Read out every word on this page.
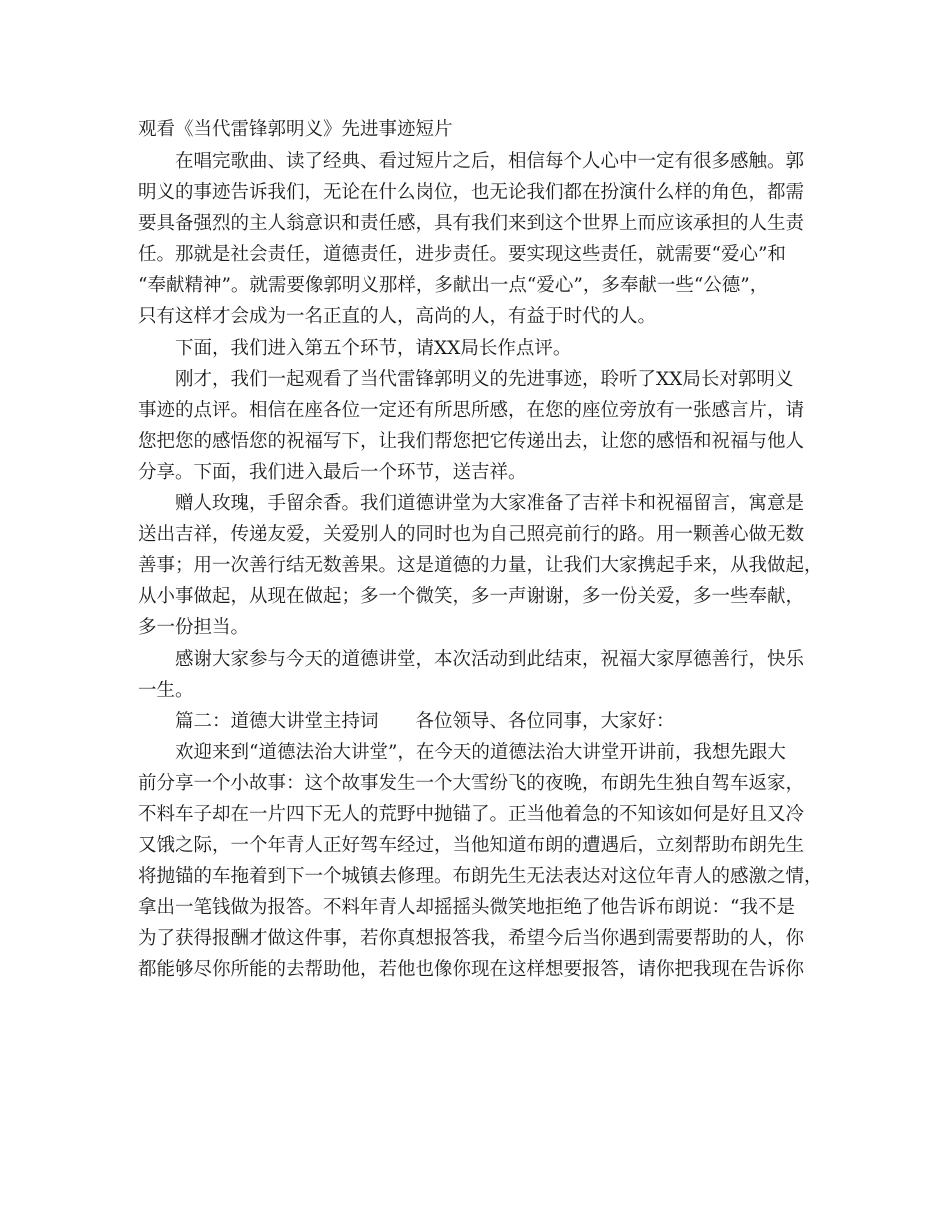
观看《当代雷锋郭明义》先进事迹短片

在唱完歌曲、读了经典、看过短片之后，相信每个人心中一定有很多感触。郭

明义的事迹告诉我们，无论在什么岗位，也无论我们都在扮演什么样的角色，都需

要具备强烈的主人翁意识和责任感，具有我们来到这个世界上而应该承担的人生责

任。那就是社会责任，道德责任，进步责任。要实现这些责任，就需要“爱心”和

“奉献精神”。就需要像郭明义那样，多献出一点“爱心”，多奉献一些“公德”，

只有这样才会成为一名正直的人，高尚的人，有益于时代的人。

下面，我们进入第五个环节，请XX局长作点评。

刚才，我们一起观看了当代雷锋郭明义的先进事迹，聆听了XX局长对郭明义

事迹的点评。相信在座各位一定还有所思所感，在您的座位旁放有一张感言片，请

您把您的感悟您的祝福写下，让我们帮您把它传递出去，让您的感悟和祝福与他人

分享。下面，我们进入最后一个环节，送吉祥。

赠人玫瑰，手留余香。我们道德讲堂为大家准备了吉祥卡和祝福留言，寓意是

送出吉祥，传递友爱，关爱别人的同时也为自己照亮前行的路。用一颗善心做无数

善事；用一次善行结无数善果。这是道德的力量，让我们大家携起手来，从我做起，

从小事做起，从现在做起；多一个微笑，多一声谢谢，多一份关爱，多一些奉献，

多一份担当。

感谢大家参与今天的道德讲堂，本次活动到此结束，祝福大家厚德善行，快乐

一生。

篇二：道德大讲堂主持词　　各位领导、各位同事，大家好：

欢迎来到“道德法治大讲堂”，在今天的道德法治大讲堂开讲前，我想先跟大

前分享一个小故事：这个故事发生一个大雪纷飞的夜晚，布朗先生独自驾车返家，

不料车子却在一片四下无人的荒野中抛锚了。正当他着急的不知该如何是好且又冷

又饿之际，一个年青人正好驾车经过，当他知道布朗的遭遇后，立刻帮助布朗先生

将抛锚的车拖着到下一个城镇去修理。布朗先生无法表达对这位年青人的感激之情，

拿出一笔钱做为报答。不料年青人却摇摇头微笑地拒绝了他告诉布朗说：“我不是

为了获得报酬才做这件事，若你真想报答我，希望今后当你遇到需要帮助的人，你

都能够尽你所能的去帮助他，若他也像你现在这样想要报答，请你把我现在告诉你
